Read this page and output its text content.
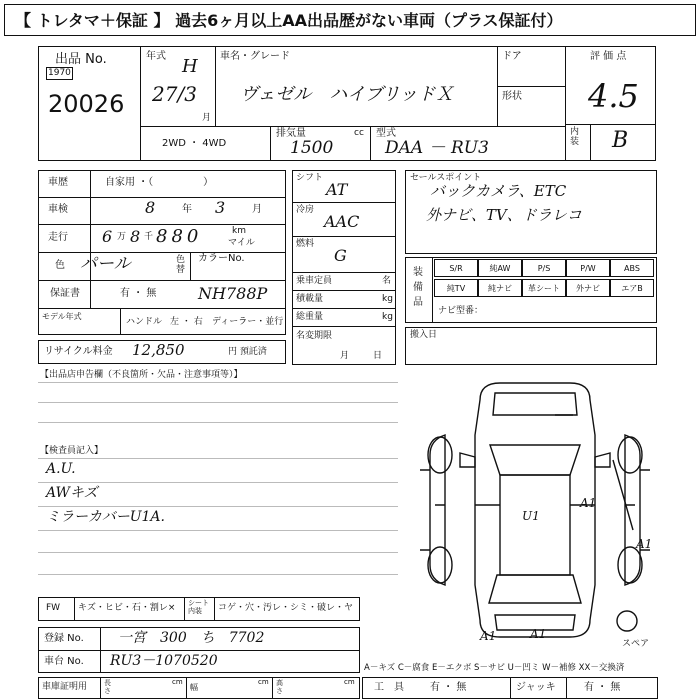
【 トレタマ＋保証 】 過去6ヶ月以上AA出品歴がない車両（プラス保証付）
出品 No.
1970
20026
年式 H
27/3
月
車名・グレード
ヴェゼル　ハイブリッドＸ
ドア
形状
評 価 点
4.5
内装 B
2WD ・ 4WD
排気量	cc
1500
型式
DAA － RU3
車歴	自家用 ・（　　　　　）
車検	8	年 3	月
走行 6 万 8 千 880	km
マイル
色 パール	色替
カラーNo.
保証書	有 ・ 無	NH788P
モデル年式
ハンドル 左 ・ 右 ディーラー・並行
リサイクル料金 12,850	円 預託済
シフト
AT
冷房
AAC
燃料
G
乗車定員	名
積載量	kg
総重量	kg
名変期限
月日
セールスポイント
バックカメラ、ETC
外ナビ、TV、ドラレコ
装備品
S/R	純AW	P/S	P/W	ABS
純TV	純ナビ	革シート	外ナビ	エアB
ナビ型番：
搬入日
【出品店申告欄（不良箇所・欠品・注意事項等）】
【検査員記入】
A.U.
AWキズ
ミラーカバーU1A.
FW キズ・ヒビ・石・割レ× シート内装	コゲ・穴・汚レ・シミ・破レ・ヤ
登録 No. 一宮　300　ち　7702
車台 No. RU3－1070520
車庫証明用 長さ
cm
幅
cm 高さ
cm
A－キズ C－腐食 E－エクボ S－サビ U－凹ミ W－補修 XX－交換済
工　具	有 ・ 無	ジャッキ	有 ・ 無
A1
U1
A1
A1	A1
スペア
